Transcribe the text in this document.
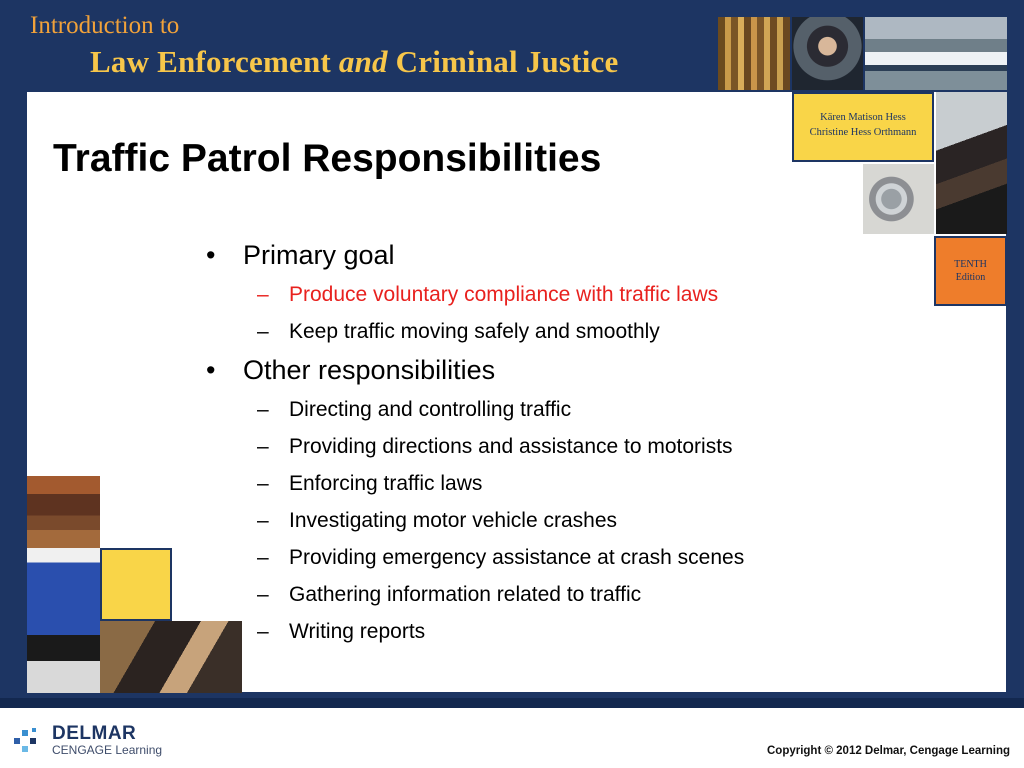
Introduction to
Law Enforcement and Criminal Justice
Kären Matison Hess
Christine Hess Orthmann
TENTH
Edition
Traffic Patrol Responsibilities
• Primary goal
– Produce voluntary compliance with traffic laws
– Keep traffic moving safely and smoothly
• Other responsibilities
– Directing and controlling traffic
– Providing directions and assistance to motorists
– Enforcing traffic laws
– Investigating motor vehicle crashes
– Providing emergency assistance at crash scenes
– Gathering information related to traffic
– Writing reports
DELMAR
CENGAGE Learning	Copyright © 2012 Delmar, Cengage Learning
